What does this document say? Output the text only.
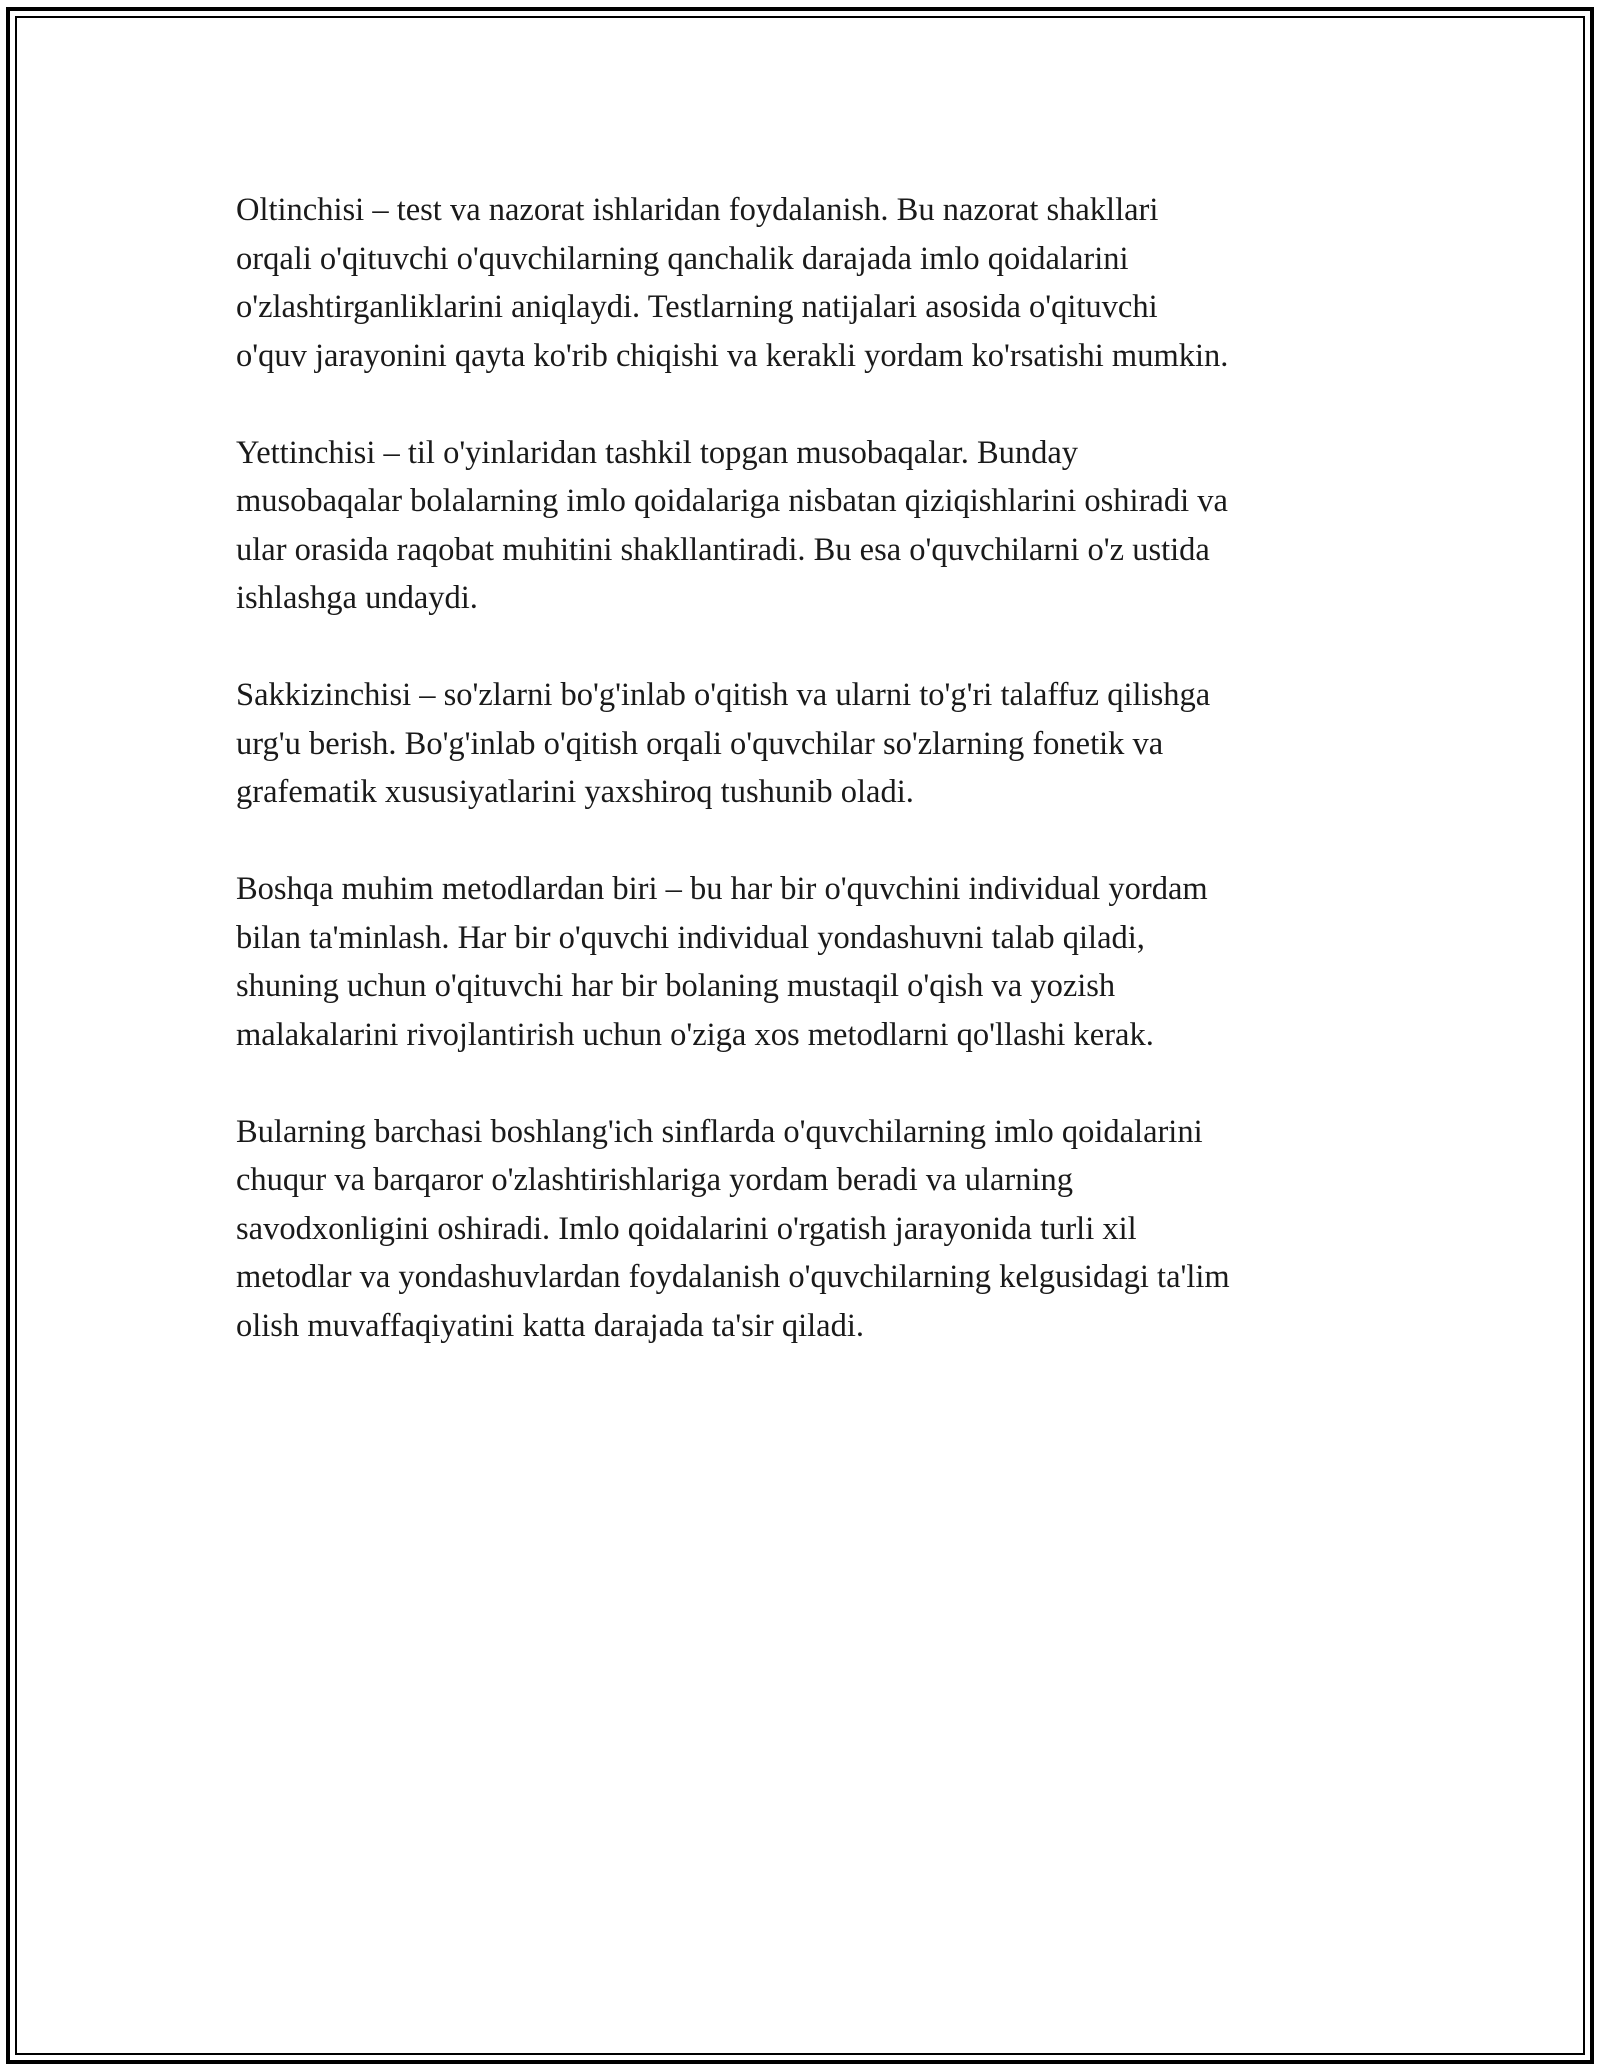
Oltinchisi – test va nazorat ishlaridan foydalanish. Bu nazorat shakllari
orqali o'qituvchi o'quvchilarning qanchalik darajada imlo qoidalarini
o'zlashtirganliklarini aniqlaydi. Testlarning natijalari asosida o'qituvchi
o'quv jarayonini qayta ko'rib chiqishi va kerakli yordam ko'rsatishi mumkin.

Yettinchisi – til o'yinlaridan tashkil topgan musobaqalar. Bunday
musobaqalar bolalarning imlo qoidalariga nisbatan qiziqishlarini oshiradi va
ular orasida raqobat muhitini shakllantiradi. Bu esa o'quvchilarni o'z ustida
ishlashga undaydi.

Sakkizinchisi – so'zlarni bo'g'inlab o'qitish va ularni to'g'ri talaffuz qilishga
urg'u berish. Bo'g'inlab o'qitish orqali o'quvchilar so'zlarning fonetik va
grafematik xususiyatlarini yaxshiroq tushunib oladi.

Boshqa muhim metodlardan biri – bu har bir o'quvchini individual yordam
bilan ta'minlash. Har bir o'quvchi individual yondashuvni talab qiladi,
shuning uchun o'qituvchi har bir bolaning mustaqil o'qish va yozish
malakalarini rivojlantirish uchun o'ziga xos metodlarni qo'llashi kerak.

Bularning barchasi boshlang'ich sinflarda o'quvchilarning imlo qoidalarini
chuqur va barqaror o'zlashtirishlariga yordam beradi va ularning
savodxonligini oshiradi. Imlo qoidalarini o'rgatish jarayonida turli xil
metodlar va yondashuvlardan foydalanish o'quvchilarning kelgusidagi ta'lim
olish muvaffaqiyatini katta darajada ta'sir qiladi.
